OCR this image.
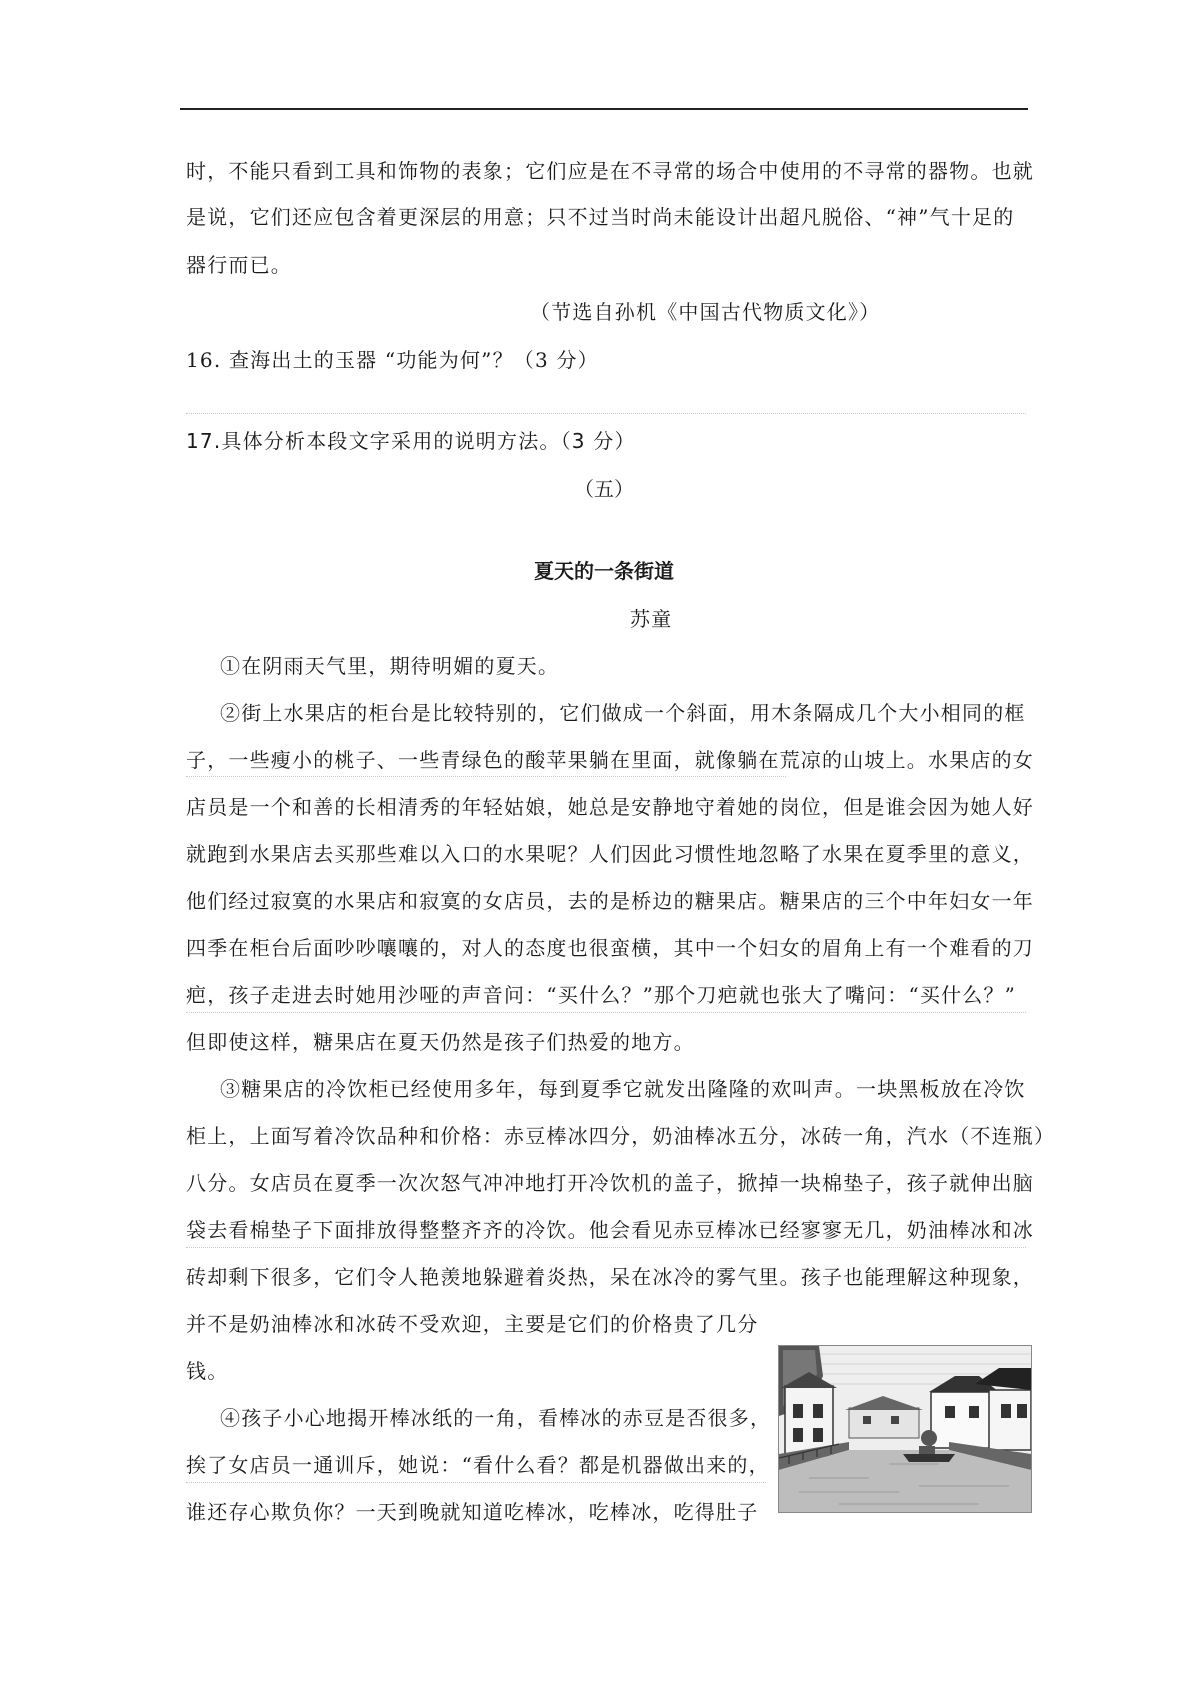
时，不能只看到工具和饰物的表象；它们应是在不寻常的场合中使用的不寻常的器物。也就
是说，它们还应包含着更深层的用意；只不过当时尚未能设计出超凡脱俗、“神”气十足的
器行而已。
（节选自孙机《中国古代物质文化》）
16. 查海出土的玉器 “功能为何”？（3 分）
17.具体分析本段文字采用的说明方法。（3 分）
（五）
夏天的一条街道
苏童
①在阴雨天气里，期待明媚的夏天。
②街上水果店的柜台是比较特别的，它们做成一个斜面，用木条隔成几个大小相同的框
子，一些瘦小的桃子、一些青绿色的酸苹果躺在里面，就像躺在荒凉的山坡上。水果店的女
店员是一个和善的长相清秀的年轻姑娘，她总是安静地守着她的岗位，但是谁会因为她人好
就跑到水果店去买那些难以入口的水果呢？人们因此习惯性地忽略了水果在夏季里的意义，
他们经过寂寞的水果店和寂寞的女店员，去的是桥边的糖果店。糖果店的三个中年妇女一年
四季在柜台后面吵吵嚷嚷的，对人的态度也很蛮横，其中一个妇女的眉角上有一个难看的刀
疤，孩子走进去时她用沙哑的声音问：“买什么？”那个刀疤就也张大了嘴问：“买什么？”
但即使这样，糖果店在夏天仍然是孩子们热爱的地方。
③糖果店的冷饮柜已经使用多年，每到夏季它就发出隆隆的欢叫声。一块黑板放在冷饮
柜上，上面写着冷饮品种和价格：赤豆棒冰四分，奶油棒冰五分，冰砖一角，汽水（不连瓶）
八分。女店员在夏季一次次怒气冲冲地打开冷饮机的盖子，掀掉一块棉垫子，孩子就伸出脑
袋去看棉垫子下面排放得整整齐齐的冷饮。他会看见赤豆棒冰已经寥寥无几，奶油棒冰和冰
砖却剩下很多，它们令人艳羡地躲避着炎热，呆在冰冷的雾气里。孩子也能理解这种现象，
并不是奶油棒冰和冰砖不受欢迎，主要是它们的价格贵了几分
钱。
④孩子小心地揭开棒冰纸的一角，看棒冰的赤豆是否很多，
挨了女店员一通训斥，她说：“看什么看？都是机器做出来的，
谁还存心欺负你？一天到晚就知道吃棒冰，吃棒冰，吃得肚子
